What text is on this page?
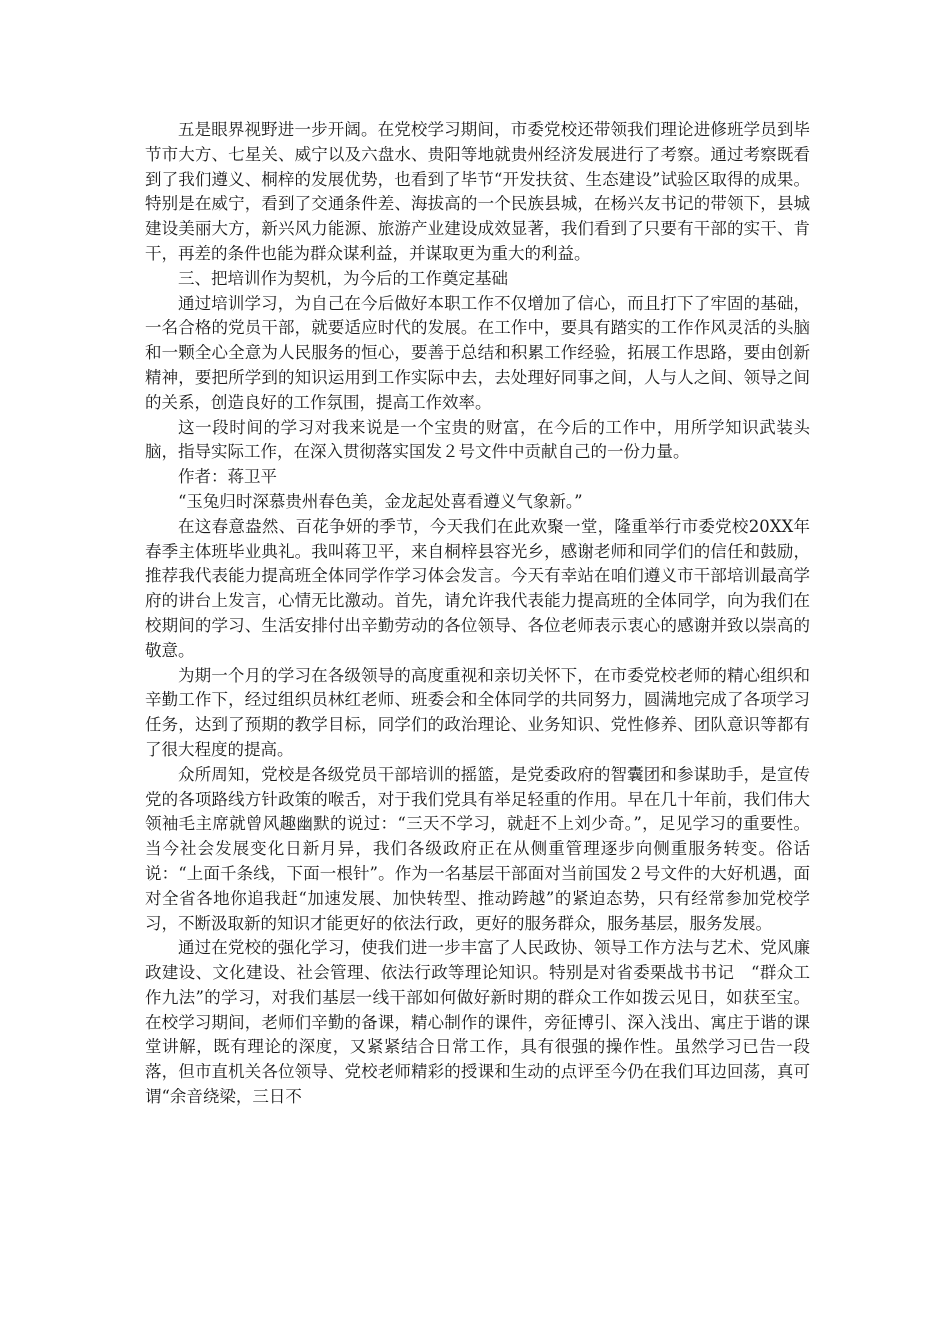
五是眼界视野进一步开阔。在党校学习期间，市委党校还带领我们理论进修班学员到毕节市大方、七星关、威宁以及六盘水、贵阳等地就贵州经济发展进行了考察。通过考察既看到了我们遵义、桐梓的发展优势，也看到了毕节“开发扶贫、生态建设”试验区取得的成果。特别是在威宁，看到了交通条件差、海拔高的一个民族县城，在杨兴友书记的带领下，县城建设美丽大方，新兴风力能源、旅游产业建设成效显著，我们看到了只要有干部的实干、肯干，再差的条件也能为群众谋利益，并谋取更为重大的利益。

三、把培训作为契机，为今后的工作奠定基础

通过培训学习，为自己在今后做好本职工作不仅增加了信心，而且打下了牢固的基础，一名合格的党员干部，就要适应时代的发展。在工作中，要具有踏实的工作作风灵活的头脑和一颗全心全意为人民服务的恒心，要善于总结和积累工作经验，拓展工作思路，要由创新精神，要把所学到的知识运用到工作实际中去，去处理好同事之间，人与人之间、领导之间的关系，创造良好的工作氛围，提高工作效率。

这一段时间的学习对我来说是一个宝贵的财富，在今后的工作中，用所学知识武装头脑，指导实际工作，在深入贯彻落实国发２号文件中贡献自己的一份力量。

作者：蒋卫平

“玉兔归时深慕贵州春色美，金龙起处喜看遵义气象新。”

在这春意盎然、百花争妍的季节，今天我们在此欢聚一堂，隆重举行市委党校20XX年春季主体班毕业典礼。我叫蒋卫平，来自桐梓县容光乡，感谢老师和同学们的信任和鼓励，推荐我代表能力提高班全体同学作学习体会发言。今天有幸站在咱们遵义市干部培训最高学府的讲台上发言，心情无比激动。首先，请允许我代表能力提高班的全体同学，向为我们在校期间的学习、生活安排付出辛勤劳动的各位领导、各位老师表示衷心的感谢并致以崇高的敬意。

为期一个月的学习在各级领导的高度重视和亲切关怀下，在市委党校老师的精心组织和辛勤工作下，经过组织员林红老师、班委会和全体同学的共同努力，圆满地完成了各项学习任务，达到了预期的教学目标，同学们的政治理论、业务知识、党性修养、团队意识等都有了很大程度的提高。

众所周知，党校是各级党员干部培训的摇篮，是党委政府的智囊团和参谋助手，是宣传党的各项路线方针政策的喉舌，对于我们党具有举足轻重的作用。早在几十年前，我们伟大领袖毛主席就曾风趣幽默的说过：“三天不学习，就赶不上刘少奇。”，足见学习的重要性。当今社会发展变化日新月异，我们各级政府正在从侧重管理逐步向侧重服务转变。俗话说：“上面千条线，下面一根针”。作为一名基层干部面对当前国发２号文件的大好机遇，面对全省各地你追我赶“加速发展、加快转型、推动跨越”的紧迫态势，只有经常参加党校学习，不断汲取新的知识才能更好的依法行政，更好的服务群众，服务基层，服务发展。

通过在党校的强化学习，使我们进一步丰富了人民政协、领导工作方法与艺术、党风廉政建设、文化建设、社会管理、依法行政等理论知识。特别是对省委栗战书书记　“群众工作九法”的学习，对我们基层一线干部如何做好新时期的群众工作如拨云见日，如获至宝。在校学习期间，老师们辛勤的备课，精心制作的课件，旁征博引、深入浅出、寓庄于谐的课堂讲解，既有理论的深度，又紧紧结合日常工作，具有很强的操作性。虽然学习已告一段落，但市直机关各位领导、党校老师精彩的授课和生动的点评至今仍在我们耳边回荡，真可谓“余音绕梁，三日不
